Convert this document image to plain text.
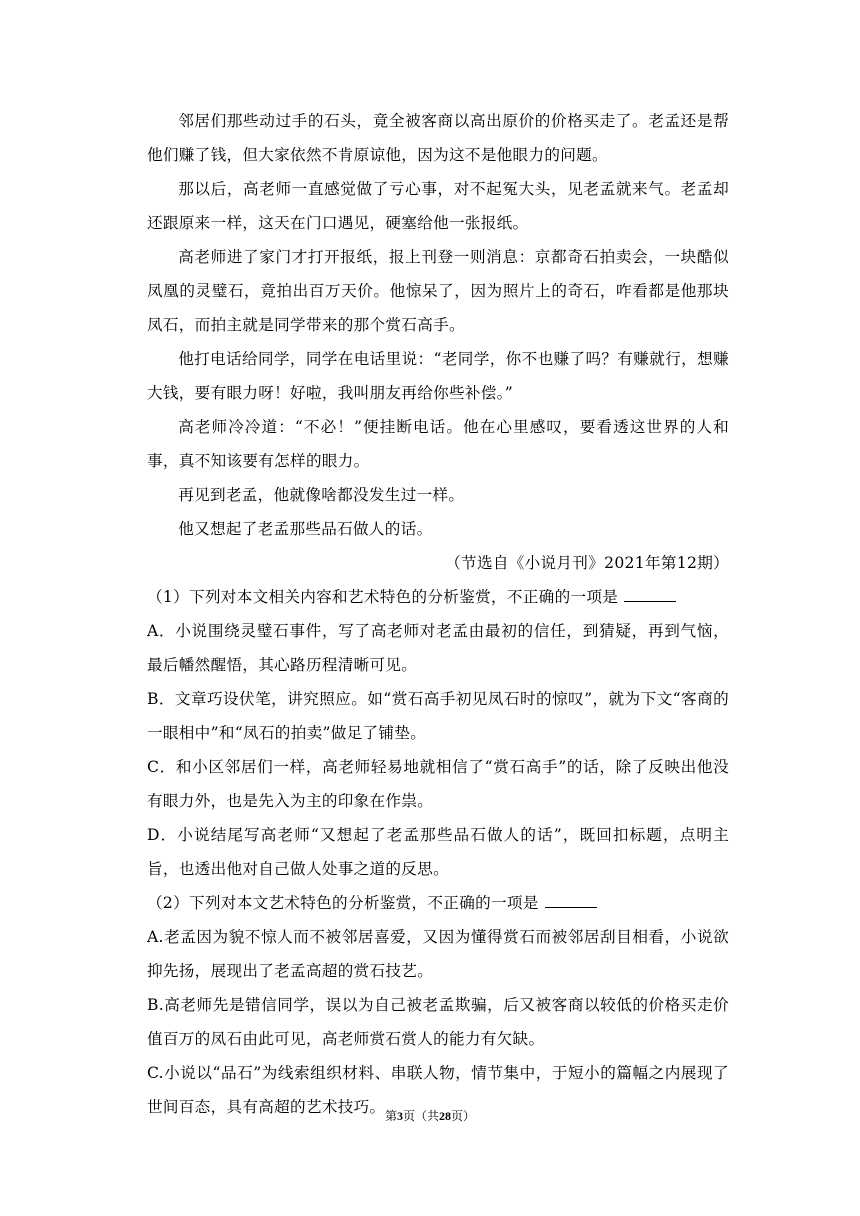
邻居们那些动过手的石头，竟全被客商以高出原价的价格买走了。老孟还是帮他们赚了钱，但大家依然不肯原谅他，因为这不是他眼力的问题。

那以后，高老师一直感觉做了亏心事，对不起冤大头，见老孟就来气。老孟却还跟原来一样，这天在门口遇见，硬塞给他一张报纸。

高老师进了家门才打开报纸，报上刊登一则消息：京都奇石拍卖会，一块酷似凤凰的灵璧石，竟拍出百万天价。他惊呆了，因为照片上的奇石，咋看都是他那块凤石，而拍主就是同学带来的那个赏石高手。

他打电话给同学，同学在电话里说：“老同学，你不也赚了吗？有赚就行，想赚大钱，要有眼力呀！好啦，我叫朋友再给你些补偿。”

高老师冷冷道：“不必！”便挂断电话。他在心里感叹，要看透这世界的人和事，真不知该要有怎样的眼力。

再见到老孟，他就像啥都没发生过一样。

他又想起了老孟那些品石做人的话。

（节选自《小说月刊》2021年第12期）

（1）下列对本文相关内容和艺术特色的分析鉴赏，不正确的一项是

A．小说围绕灵璧石事件，写了高老师对老孟由最初的信任，到猜疑，再到气恼，最后幡然醒悟，其心路历程清晰可见。

B．文章巧设伏笔，讲究照应。如“赏石高手初见凤石时的惊叹”，就为下文“客商的一眼相中”和“凤石的拍卖”做足了铺垫。

C．和小区邻居们一样，高老师轻易地就相信了“赏石高手”的话，除了反映出他没有眼力外，也是先入为主的印象在作祟。

D．小说结尾写高老师“又想起了老孟那些品石做人的话”，既回扣标题，点明主旨，也透出他对自己做人处事之道的反思。

（2）下列对本文艺术特色的分析鉴赏，不正确的一项是

A.老孟因为貌不惊人而不被邻居喜爱，又因为懂得赏石而被邻居刮目相看，小说欲抑先扬，展现出了老孟高超的赏石技艺。

B.高老师先是错信同学，误以为自己被老孟欺骗，后又被客商以较低的价格买走价值百万的凤石由此可见，高老师赏石赏人的能力有欠缺。

C.小说以“品石”为线索组织材料、串联人物，情节集中，于短小的篇幅之内展现了世间百态，具有高超的艺术技巧。 第3页（共28页）
